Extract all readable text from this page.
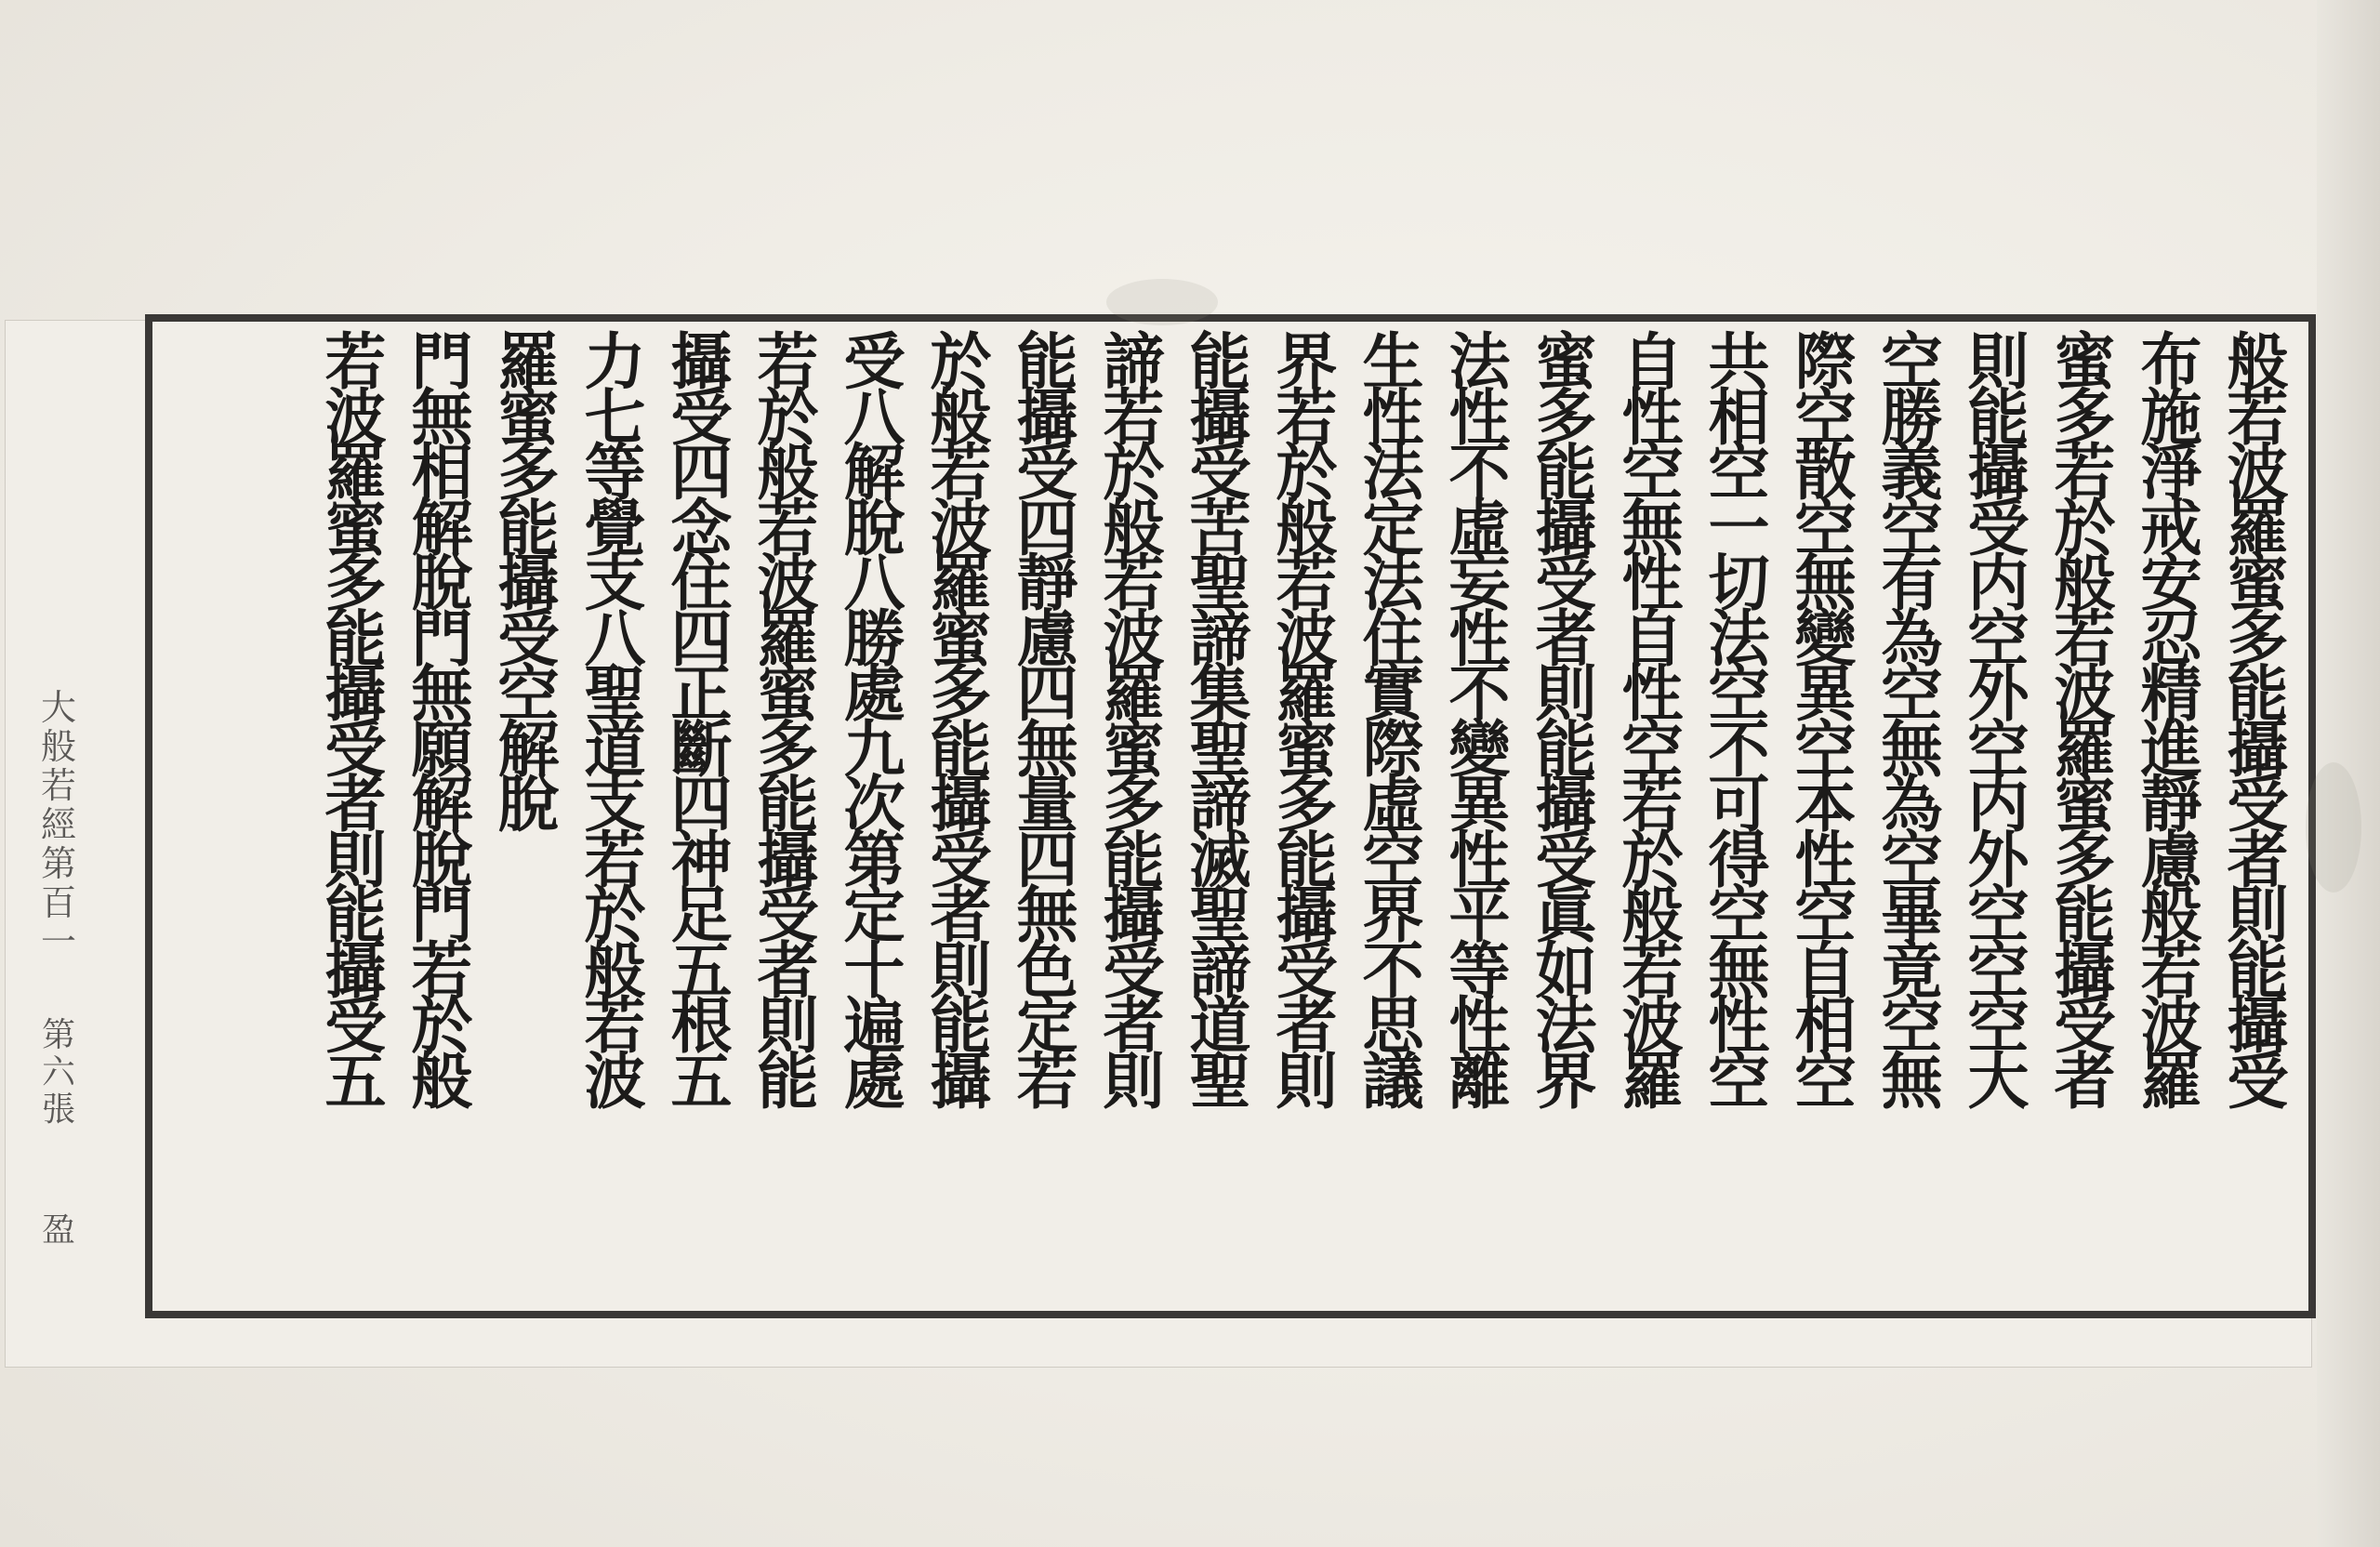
般
若
波
羅
蜜
多
能
攝
受
者
則
能
攝
受
布
施
淨
戒
安
忍
精
進
靜
慮
般
若
波
羅
蜜
多
若
於
般
若
波
羅
蜜
多
能
攝
受
者
則
能
攝
受
内
空
外
空
内
外
空
空
空
大
空
勝
義
空
有
為
空
無
為
空
畢
竟
空
無
際
空
散
空
無
變
異
空
本
性
空
自
相
空
共
相
空
一
切
法
空
不
可
得
空
無
性
空
自
性
空
無
性
自
性
空
若
於
般
若
波
羅
蜜
多
能
攝
受
者
則
能
攝
受
眞
如
法
界
法
性
不
虛
妄
性
不
變
異
性
平
等
性
離
生
性
法
定
法
住
實
際
虛
空
界
不
思
議
界
若
於
般
若
波
羅
蜜
多
能
攝
受
者
則
能
攝
受
苦
聖
諦
集
聖
諦
滅
聖
諦
道
聖
諦
若
於
般
若
波
羅
蜜
多
能
攝
受
者
則
能
攝
受
四
靜
慮
四
無
量
四
無
色
定
若
於
般
若
波
羅
蜜
多
能
攝
受
者
則
能
攝
受
八
解
脫
八
勝
處
九
次
第
定
十
遍
處
若
於
般
若
波
羅
蜜
多
能
攝
受
者
則
能
攝
受
四
念
住
四
正
斷
四
神
足
五
根
五
力
七
等
覺
支
八
聖
道
支
若
於
般
若
波
羅
蜜
多
能
攝
受
空
解
脫
門
無
相
解
脫
門
無
願
解
脫
門
若
於
般
若
波
羅
蜜
多
能
攝
受
者
則
能
攝
受
五
大
般
若
經
第
百
一
第
六
張
盈
